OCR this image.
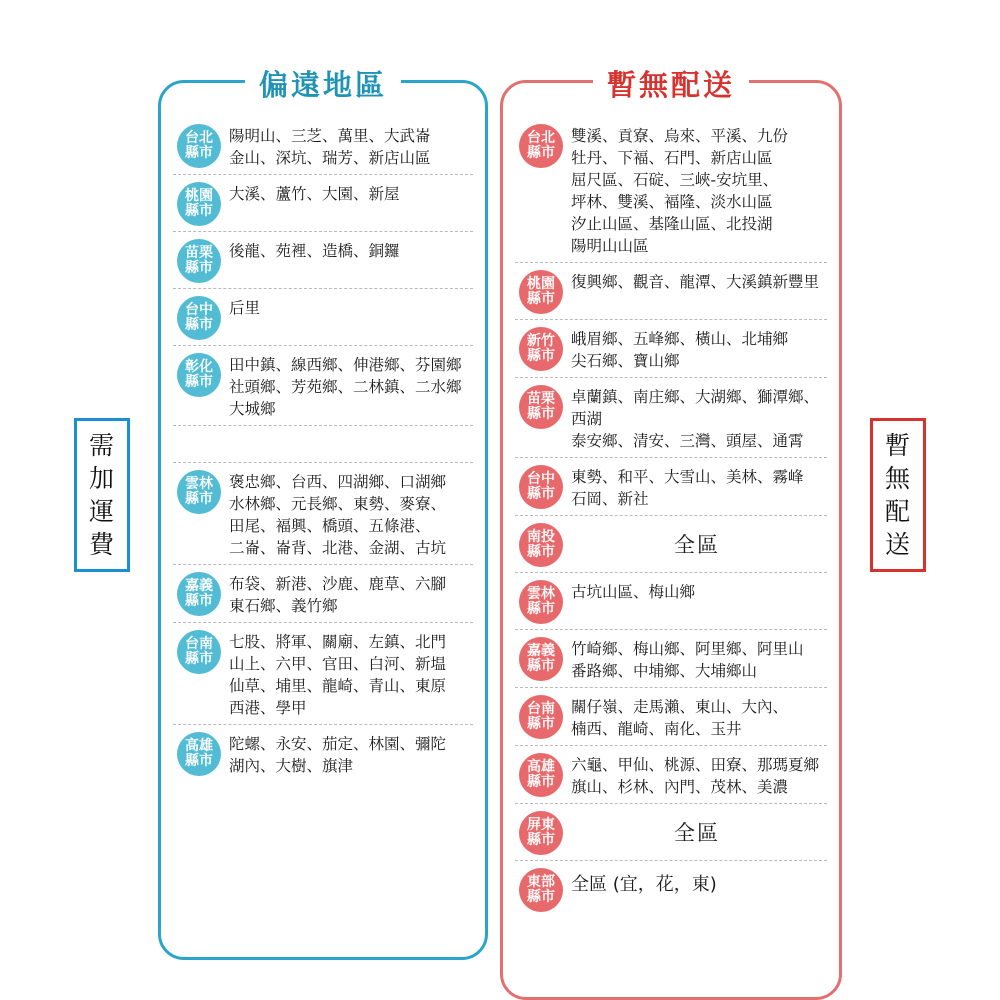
需
加
運
費
暫
無
配
送
偏遠地區
台北
縣市
陽明山、三芝、萬里、大武崙
金山、深坑、瑞芳、新店山區
桃園
縣市
大溪、蘆竹、大園、新屋
苗栗
縣市
後龍、苑裡、造橋、銅鑼
台中
縣市
后里
彰化
縣市
田中鎮、線西鄉、伸港鄉、芬園鄉
社頭鄉、芳苑鄉、二林鎮、二水鄉
大城鄉
雲林
縣市
褒忠鄉、台西、四湖鄉、口湖鄉
水林鄉、元長鄉、東勢、麥寮、
田尾、褔興、橋頭、五條港、
二崙、崙背、北港、金湖、古坑
嘉義
縣市
布袋、新港、沙鹿、鹿草、六腳
東石鄉、義竹鄉
台南
縣市
七股、將軍、關廟、左鎮、北門
山上、六甲、官田、白河、新塭
仙草、埔里、龍崎、青山、東原
西港、學甲
高雄
縣市
陀螺、永安、茄定、林園、彌陀
湖內、大樹、旗津
暫無配送
台北
縣市
雙溪、貢寮、烏來、平溪、九份
牡丹、下褔、石門、新店山區
屈尺區、石碇、三峽-安坑里、
坪林、雙溪、褔隆、淡水山區
汐止山區、基隆山區、北投湖
陽明山山區
桃園
縣市
復興鄉、觀音、龍潭、大溪鎮新豐里
新竹
縣市
峨眉鄉、五峰鄉、橫山、北埔鄉
尖石鄉、寶山鄉
苗栗
縣市
卓蘭鎮、南庄鄉、大湖鄉、獅潭鄉、西湖
泰安鄉、清安、三灣、頭屋、通霄
台中
縣市
東勢、和平、大雪山、美林、霧峰
石岡、新社
南投
縣市	全區
雲林
縣市
古坑山區、梅山鄉
嘉義
縣市
竹崎鄉、梅山鄉、阿里鄉、阿里山
番路鄉、中埔鄉、大埔鄉山
台南
縣市
關仔嶺、走馬瀨、東山、大內、
楠西、龍崎、南化、玉井
高雄
縣市
六龜、甲仙、桃源、田寮、那瑪夏鄉
旗山、杉林、內門、茂林、美濃
屏東
縣市	全區
東部
縣市
全區 (宜，花，東)
